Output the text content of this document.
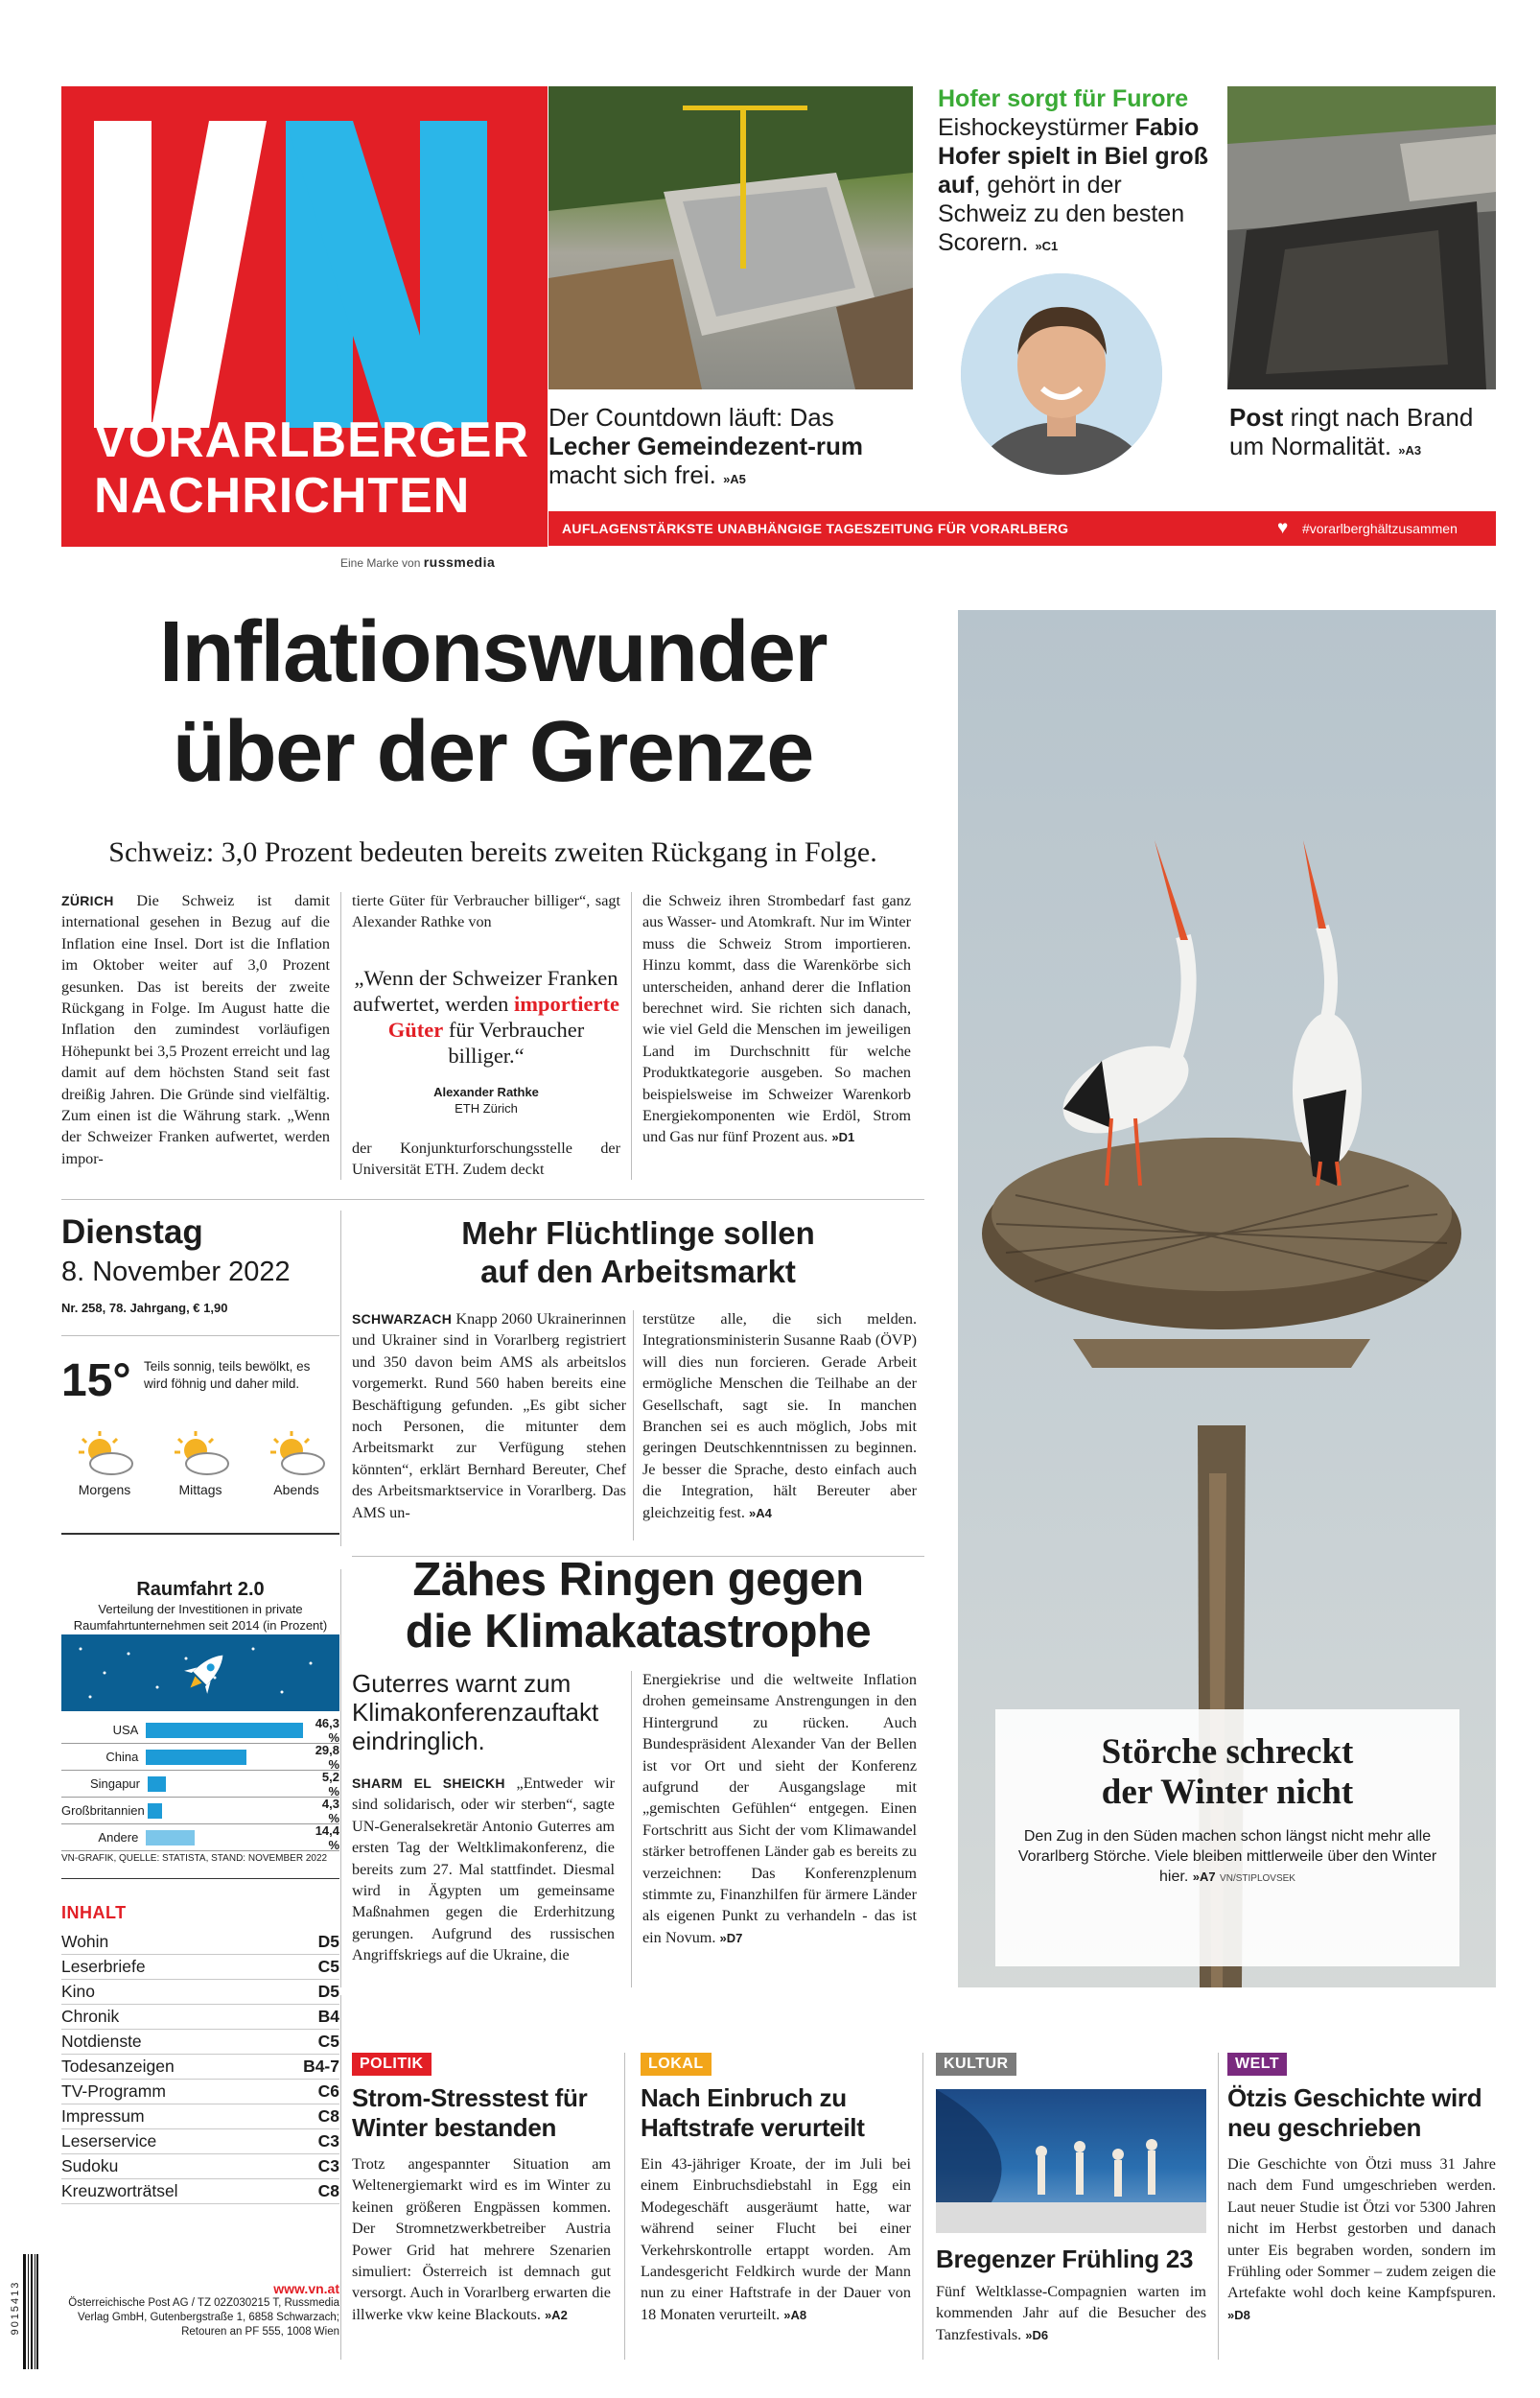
VORARLBERGER
NACHRICHTEN
Eine Marke von russmedia
Der Countdown läuft: Das Lecher Gemeindezent-rum macht sich frei. »A5
Hofer sorgt für Furore
Eishockeystürmer Fabio Hofer spielt in Biel groß auf, gehört in der Schweiz zu den besten Scorern. »C1
Post ringt nach Brand um Normalität. »A3
AUFLAGENSTÄRKSTE UNABHÄNGIGE TAGESZEITUNG FÜR VORARLBERG	♥ #vorarlberghältzusammen
Inflationswunder
über der Grenze
Schweiz: 3,0 Prozent bedeuten bereits zweiten Rückgang in Folge.
ZÜRICH Die Schweiz ist damit international gesehen in Bezug auf die Inflation eine Insel. Dort ist die Inflation im Oktober weiter auf 3,0 Prozent gesunken. Das ist bereits der zweite Rückgang in Folge. Im August hatte die Inflation den zumindest vorläufigen Höhepunkt bei 3,5 Prozent erreicht und lag damit auf dem höchsten Stand seit fast dreißig Jahren. Die Gründe sind vielfältig. Zum einen ist die Währung stark. „Wenn der Schweizer Franken aufwertet, werden impor-
tierte Güter für Verbraucher billiger“, sagt Alexander Rathke von
„Wenn der Schweizer Franken aufwertet, werden importierte Güter für Verbraucher billiger.“
Alexander Rathke
ETH Zürich
der Konjunkturforschungsstelle der Universität ETH. Zudem deckt
die Schweiz ihren Strombedarf fast ganz aus Wasser- und Atomkraft. Nur im Winter muss die Schweiz Strom importieren. Hinzu kommt, dass die Warenkörbe sich unterscheiden, anhand derer die Inflation berechnet wird. Sie richten sich danach, wie viel Geld die Menschen im jeweiligen Land im Durchschnitt für welche Produktkategorie ausgeben. So machen beispielsweise im Schweizer Warenkorb Energiekomponenten wie Erdöl, Strom und Gas nur fünf Prozent aus. »D1
Dienstag
8. November 2022
Nr. 258, 78. Jahrgang, € 1,90
15° Teils sonnig, teils bewölkt, es wird föhnig und daher mild.
Morgens	Mittags	Abends
Mehr Flüchtlinge sollen
auf den Arbeitsmarkt
SCHWARZACH Knapp 2060 Ukrainerinnen und Ukrainer sind in Vorarlberg registriert und 350 davon beim AMS als arbeitslos vorgemerkt. Rund 560 haben bereits eine Beschäftigung gefunden. „Es gibt sicher noch Personen, die mitunter dem Arbeitsmarkt zur Verfügung stehen könnten“, erklärt Bernhard Bereuter, Chef des Arbeitsmarktservice in Vorarlberg. Das AMS un-
terstütze alle, die sich melden. Integrationsministerin Susanne Raab (ÖVP) will dies nun forcieren. Gerade Arbeit ermögliche Menschen die Teilhabe an der Gesellschaft, sagt sie. In manchen Branchen sei es auch möglich, Jobs mit geringen Deutschkenntnissen zu beginnen. Je besser die Sprache, desto einfach auch die Integration, hält Bereuter aber gleichzeitig fest. »A4
Raumfahrt 2.0
Verteilung der Investitionen in private Raumfahrtunternehmen seit 2014 (in Prozent)
USA	46,3 %
China	29,8 %
Singapur	5,2 %
Großbritannien	4,3 %
Andere	14,4 %
VN-GRAFIK, QUELLE: STATISTA, STAND: NOVEMBER 2022
INHALT
Wohin	D5
Leserbriefe	C5
Kino	D5
Chronik	B4
Notdienste	C5
Todesanzeigen	B4-7
TV-Programm	C6
Impressum	C8
Leserservice	C3
Sudoku	C3
Kreuzworträtsel	C8
Zähes Ringen gegen
die Klimakatastrophe
Guterres warnt zum Klimakonferenzauftakt eindringlich.
SHARM EL SHEICKH „Entweder wir sind solidarisch, oder wir sterben“, sagte UN-Generalsekretär Antonio Guterres am ersten Tag der Weltklimakonferenz, die bereits zum 27. Mal stattfindet. Diesmal wird in Ägypten um gemeinsame Maßnahmen gegen die Erderhitzung gerungen. Aufgrund des russischen Angriffskriegs auf die Ukraine, die
Energiekrise und die weltweite Inflation drohen gemeinsame Anstrengungen in den Hintergrund zu rücken. Auch Bundespräsident Alexander Van der Bellen ist vor Ort und sieht der Konferenz aufgrund der Ausgangslage mit „gemischten Gefühlen“ entgegen. Einen Fortschritt aus Sicht der vom Klimawandel stärker betroffenen Länder gab es bereits zu verzeichnen: Das Konferenzplenum stimmte zu, Finanzhilfen für ärmere Länder als eigenen Punkt zu verhandeln - das ist ein Novum. »D7
Störche schreckt
der Winter nicht
Den Zug in den Süden machen schon längst nicht mehr alle Vorarlberg Störche. Viele bleiben mittlerweile über den Winter hier. »A7 VN/STIPLOVSEK
9015413	www.vn.at
Österreichische Post AG / TZ 02Z030215 T, Russmedia Verlag GmbH, Gutenbergstraße 1, 6858 Schwarzach; Retouren an PF 555, 1008 Wien
POLITIK
Strom-Stresstest für Winter bestanden
Trotz angespannter Situation am Weltenergiemarkt wird es im Winter zu keinen größeren Engpässen kommen. Der Stromnetzwerkbetreiber Austria Power Grid hat mehrere Szenarien simuliert: Österreich ist demnach gut versorgt. Auch in Vorarlberg erwarten die illwerke vkw keine Blackouts. »A2
LOKAL
Nach Einbruch zu Haftstrafe verurteilt
Ein 43-jähriger Kroate, der im Juli bei einem Einbruchsdiebstahl in Egg ein Modegeschäft ausgeräumt hatte, war während seiner Flucht bei einer Verkehrskontrolle ertappt worden. Am Landesgericht Feldkirch wurde der Mann nun zu einer Haftstrafe in der Dauer von 18 Monaten verurteilt. »A8
KULTUR
Bregenzer Frühling 23
Fünf Weltklasse-Compagnien warten im kommenden Jahr auf die Besucher des Tanzfestivals. »D6
WELT
Ötzis Geschichte wird neu geschrieben
Die Geschichte von Ötzi muss 31 Jahre nach dem Fund umgeschrieben werden. Laut neuer Studie ist Ötzi vor 5300 Jahren nicht im Herbst gestorben und danach unter Eis begraben worden, sondern im Frühling oder Sommer – zudem zeigen die Artefakte wohl doch keine Kampfspuren. »D8
